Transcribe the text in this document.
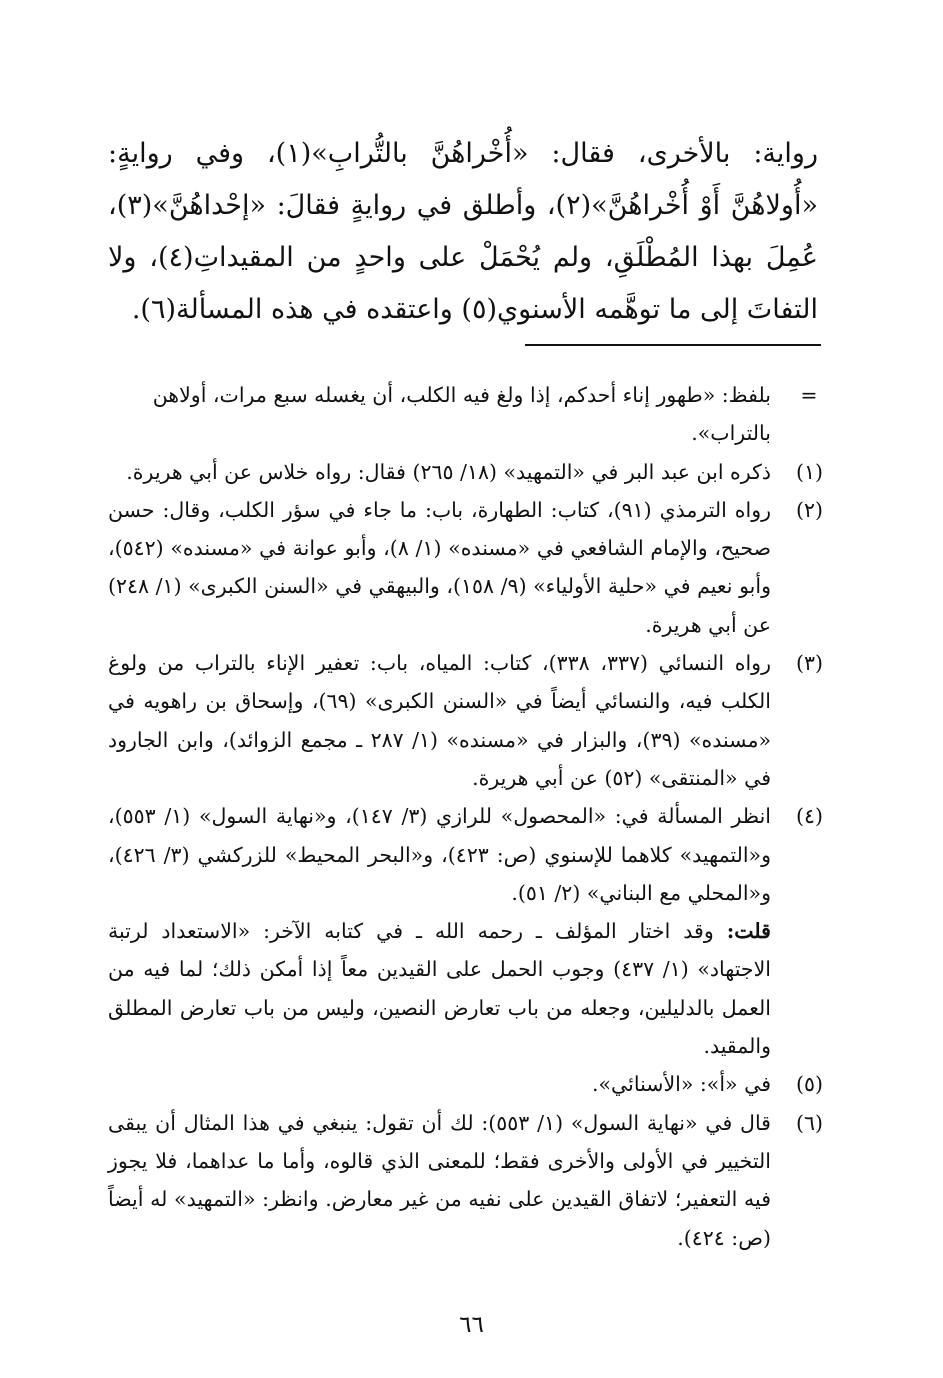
رواية: بالأخرى، فقال: «أُخْراهُنَّ بالتُّرابِ»(١)، وفي روايةٍ: «أُولاهُنَّ أَوْ أُخْراهُنَّ»(٢)، وأطلق في روايةٍ فقالَ: «إحْداهُنَّ»(٣)، عُمِلَ بهذا المُطْلَقِ، ولم يُحْمَلْ على واحدٍ من المقيداتِ(٤)، ولا التفاتَ إلى ما توهَّمه الأسنوي(٥) واعتقده في هذه المسألة(٦).

=
بلفظ: «طهور إناء أحدكم، إذا ولغ فيه الكلب، أن يغسله سبع مرات، أولاهن بالتراب».
(١)
ذكره ابن عبد البر في «التمهيد» (١٨/ ٢٦٥) فقال: رواه خلاس عن أبي هريرة.
(٢)
رواه الترمذي (٩١)، كتاب: الطهارة، باب: ما جاء في سؤر الكلب، وقال: حسن صحيح، والإمام الشافعي في «مسنده» (١/ ٨)، وأبو عوانة في «مسنده» (٥٤٢)، وأبو نعيم في «حلية الأولياء» (٩/ ١٥٨)، والبيهقي في «السنن الكبرى» (١/ ٢٤٨) عن أبي هريرة.
(٣)
رواه النسائي (٣٣٧، ٣٣٨)، كتاب: المياه، باب: تعفير الإناء بالتراب من ولوغ الكلب فيه، والنسائي أيضاً في «السنن الكبرى» (٦٩)، وإسحاق بن راهويه في «مسنده» (٣٩)، والبزار في «مسنده» (١/ ٢٨٧ ـ مجمع الزوائد)، وابن الجارود في «المنتقى» (٥٢) عن أبي هريرة.
(٤)
انظر المسألة في: «المحصول» للرازي (٣/ ١٤٧)، و«نهاية السول» (١/ ٥٥٣)، و«التمهيد» كلاهما للإسنوي (ص: ٤٢٣)، و«البحر المحيط» للزركشي (٣/ ٤٢٦)، و«المحلي مع البناني» (٢/ ٥١).
قلت: وقد اختار المؤلف ـ رحمه الله ـ في كتابه الآخر: «الاستعداد لرتبة الاجتهاد» (١/ ٤٣٧) وجوب الحمل على القيدين معاً إذا أمكن ذلك؛ لما فيه من العمل بالدليلين، وجعله من باب تعارض النصين، وليس من باب تعارض المطلق والمقيد.
(٥)
في «أ»: «الأسنائي».
(٦)
قال في «نهاية السول» (١/ ٥٥٣): لك أن تقول: ينبغي في هذا المثال أن يبقى التخيير في الأولى والأخرى فقط؛ للمعنى الذي قالوه، وأما ما عداهما، فلا يجوز فيه التعفير؛ لاتفاق القيدين على نفيه من غير معارض. وانظر: «التمهيد» له أيضاً (ص: ٤٢٤).
٦٦
